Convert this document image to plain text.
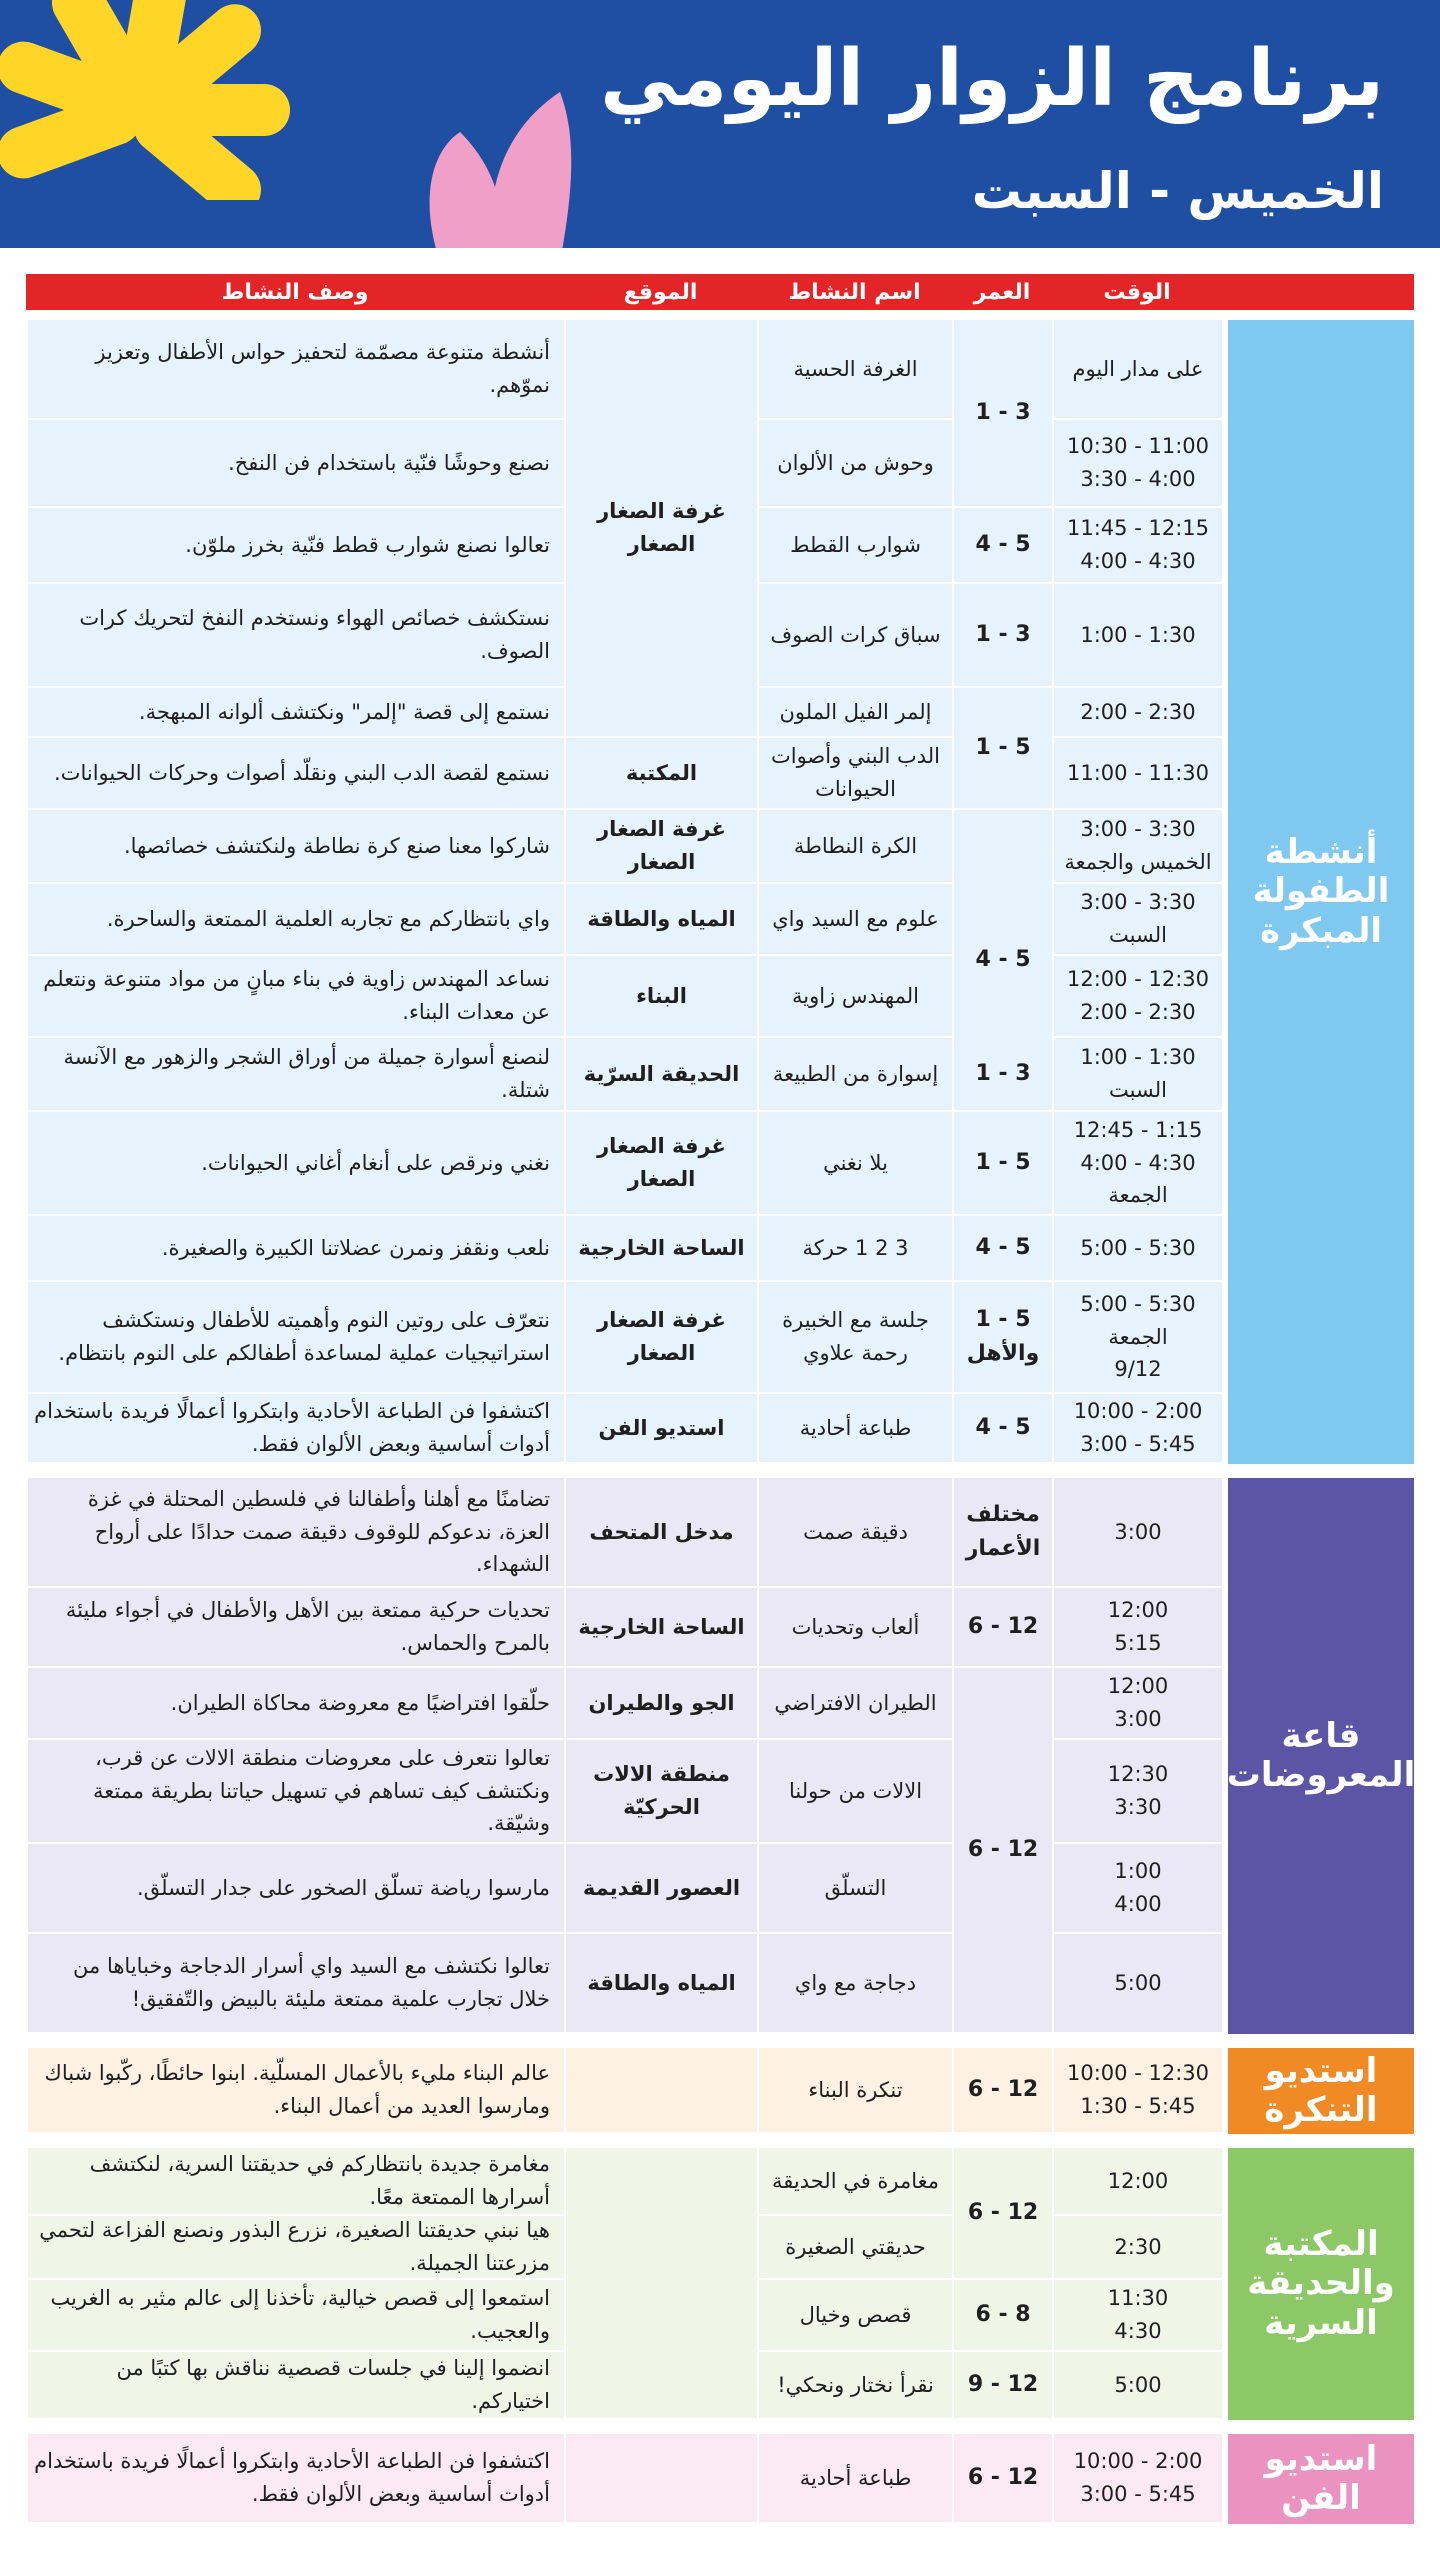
برنامج الزوار اليومي
الخميس - السبت
الوقت
العمر
اسم النشاط
الموقع
وصف النشاط
أنشطة الطفولة المبكرة
على مدار اليوم
الغرفة الحسية
أنشطة متنوعة مصمّمة لتحفيز حواس الأطفال وتعزيز نموّهم.
11:00 - 10:30
4:00 - 3:30
وحوش من الألوان
نصنع وحوشًا فنّية باستخدام فن النفخ.
12:15 - 11:45
4:30 - 4:00
شوارب القطط
تعالوا نصنع شوارب قطط فنّية بخرز ملوّن.
1:30 - 1:00
سباق كرات الصوف
نستكشف خصائص الهواء ونستخدم النفخ لتحريك كرات الصوف.
2:30 - 2:00
إلمر الفيل الملون
نستمع إلى قصة "إلمر" ونكتشف ألوانه المبهجة.
11:30 - 11:00
الدب البني وأصوات الحيوانات
نستمع لقصة الدب البني ونقلّد أصوات وحركات الحيوانات.
3:30 - 3:00
الخميس والجمعة
الكرة النطاطة
شاركوا معنا صنع كرة نطاطة ولنكتشف خصائصها.
3:30 - 3:00
السبت
علوم مع السيد واي
واي بانتظاركم مع تجاربه العلمية الممتعة والساحرة.
12:30 - 12:00
2:30 - 2:00
المهندس زاوية
نساعد المهندس زاوية في بناء مبانٍ من مواد متنوعة ونتعلم عن معدات البناء.
1:30 - 1:00
السبت
إسوارة من الطبيعة
لنصنع أسوارة جميلة من أوراق الشجر والزهور مع الآنسة شتلة.
1:15 - 12:45
4:30 - 4:00
الجمعة
يلا نغني
نغني ونرقص على أنغام أغاني الحيوانات.
5:30 - 5:00
3 2 1 حركة
نلعب ونقفز ونمرن عضلاتنا الكبيرة والصغيرة.
5:30 - 5:00
الجمعة
9/12
جلسة مع الخبيرة رحمة علاوي
نتعرّف على روتين النوم وأهميته للأطفال ونستكشف استراتيجيات عملية لمساعدة أطفالكم على النوم بانتظام.
2:00 - 10:00
5:45 - 3:00
طباعة أحادية
اكتشفوا فن الطباعة الأحادية وابتكروا أعمالًا فريدة باستخدام أدوات أساسية وبعض الألوان فقط.
3 - 1
5 - 4
3 - 1
5 - 1
5 - 4
3 - 1
5 - 1
5 - 4
5 - 1
والأهل
5 - 4
غرفة الصغار الصغار
المكتبة
غرفة الصغار الصغار
المياه والطاقة
البناء
الحديقة السرّية
غرفة الصغار الصغار
الساحة الخارجية
غرفة الصغار الصغار
استديو الفن
قاعة المعروضات
3:00
دقيقة صمت
تضامنًا مع أهلنا وأطفالنا في فلسطين المحتلة في غزة العزة، ندعوكم للوقوف دقيقة صمت حدادًا على أرواح الشهداء.
12:00
5:15
ألعاب وتحديات
تحديات حركية ممتعة بين الأهل والأطفال في أجواء مليئة بالمرح والحماس.
12:00
3:00
الطيران الافتراضي
حلّقوا افتراضيًا مع معروضة محاكاة الطيران.
12:30
3:30
الالات من حولنا
تعالوا نتعرف على معروضات منطقة الالات عن قرب، ونكتشف كيف تساهم في تسهيل حياتنا بطريقة ممتعة وشيّقة.
1:00
4:00
التسلّق
مارسوا رياضة تسلّق الصخور على جدار التسلّق.
5:00
دجاجة مع واي
تعالوا نكتشف مع السيد واي أسرار الدجاجة وخباياها من خلال تجارب علمية ممتعة مليئة بالبيض والتّفقيق!
مختلف
الأعمار
12 - 6
12 - 6
مدخل المتحف
الساحة الخارجية
الجو والطيران
منطقة الالات الحركيّة
العصور القديمة
المياه والطاقة
استديو التنكرة
12:30 - 10:00
5:45 - 1:30
تنكرة البناء
عالم البناء مليء بالأعمال المسلّية. ابنوا حائطًا، ركّبوا شباك ومارسوا العديد من أعمال البناء.
12 - 6
المكتبة والحديقة السرية
12:00
مغامرة في الحديقة
مغامرة جديدة بانتظاركم في حديقتنا السرية، لنكتشف أسرارها الممتعة معًا.
2:30
حديقتي الصغيرة
هيا نبني حديقتنا الصغيرة، نزرع البذور ونصنع الفزاعة لتحمي مزرعتنا الجميلة.
11:30
4:30
قصص وخيال
استمعوا إلى قصص خيالية، تأخذنا إلى عالم مثير به الغريب والعجيب.
5:00
نقرأ نختار ونحكي!
انضموا إلينا في جلسات قصصية نناقش بها كتبًا من اختياركم.
12 - 6
8 - 6
12 - 9
استديو الفن
2:00 - 10:00
5:45 - 3:00
طباعة أحادية
اكتشفوا فن الطباعة الأحادية وابتكروا أعمالًا فريدة باستخدام أدوات أساسية وبعض الألوان فقط.
12 - 6
